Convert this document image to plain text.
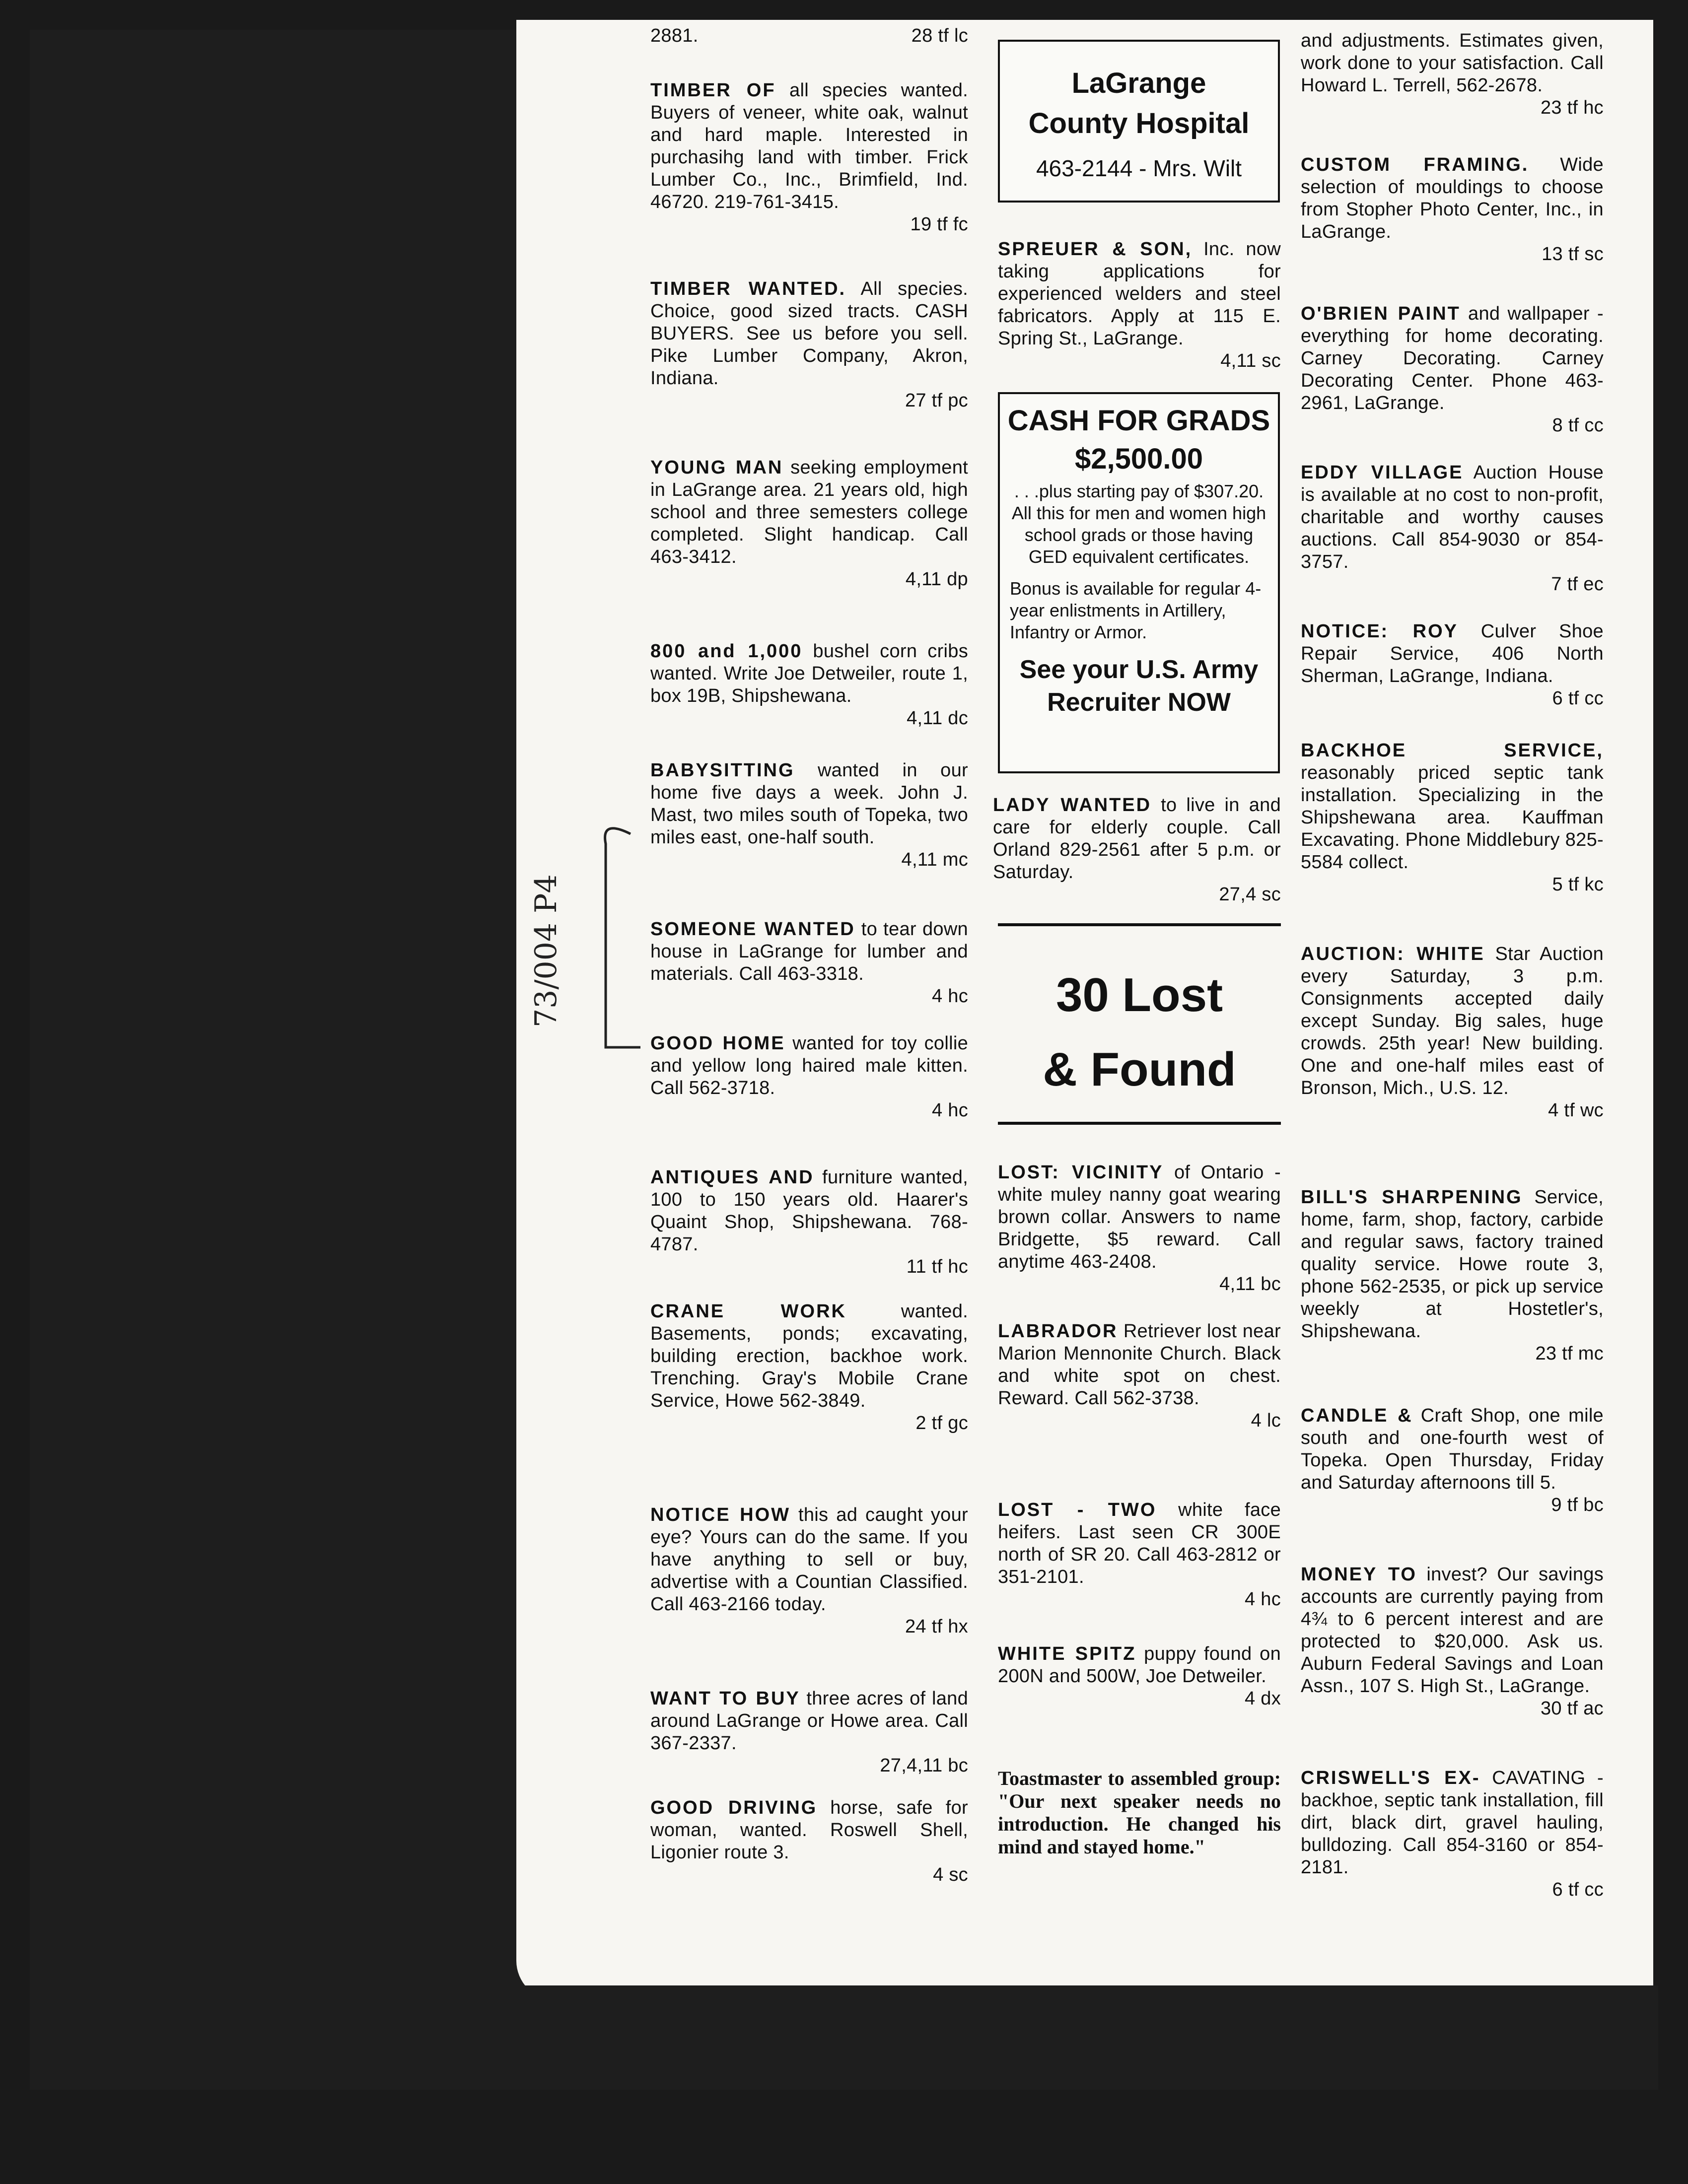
2881.	28 tf lc
TIMBER OF all species wanted. Buyers of veneer, white oak, walnut and hard maple. Interested in purchasihg land with timber. Frick Lumber Co., Inc., Brimfield, Ind. 46720. 219-761-3415.
19 tf fc
TIMBER WANTED. All species. Choice, good sized tracts. CASH BUYERS. See us before you sell. Pike Lumber Company, Akron, Indiana.
27 tf pc
YOUNG MAN seeking employment in LaGrange area. 21 years old, high school and three semesters college completed. Slight handicap. Call 463-3412.
4,11 dp
800 and 1,000 bushel corn cribs wanted. Write Joe Detweiler, route 1, box 19B, Shipshewana.
4,11 dc
BABYSITTING wanted in our home five days a week. John J. Mast, two miles south of Topeka, two miles east, one-half south.
4,11 mc
SOMEONE WANTED to tear down house in LaGrange for lumber and materials. Call 463-3318.
4 hc
GOOD HOME wanted for toy collie and yellow long haired male kitten. Call 562-3718.
4 hc
ANTIQUES AND furniture wanted, 100 to 150 years old. Haarer's Quaint Shop, Shipshewana. 768-4787.
11 tf hc
CRANE WORK	wanted. Basements, ponds; excavating, building erection, backhoe work. Trenching. Gray's Mobile Crane Service, Howe 562-3849.
2 tf gc
NOTICE HOW this ad caught your eye? Yours can do the same. If you have anything to sell or buy, advertise with a Countian Classified. Call 463-2166 today.
24 tf hx
WANT TO BUY three acres of land around LaGrange or Howe area. Call 367-2337.
27,4,11 bc
GOOD DRIVING horse, safe for woman, wanted. Roswell Shell, Ligonier route 3.
4 sc
LaGrange
County Hospital
463-2144 - Mrs. Wilt
SPREUER & SON, Inc. now taking applications for experienced welders and steel fabricators. Apply at 115 E. Spring St., LaGrange.
4,11 sc
CASH FOR GRADS
$2,500.00
. . .plus starting pay of $307.20. All this for men and women high school grads or those having GED equivalent certificates.
Bonus is available for regular 4-year enlistments in Artillery, Infantry or Armor.
See your U.S. Army Recruiter NOW
LADY WANTED to live in and care for elderly couple. Call Orland 829-2561 after 5 p.m. or Saturday.
27,4 sc
30 Lost
& Found
LOST: VICINITY of Ontario - white muley nanny goat wearing brown collar. Answers to name Bridgette, $5 reward. Call anytime 463-2408.
4,11 bc
LABRADOR Retriever lost near Marion Mennonite Church. Black and white spot on chest. Reward. Call 562-3738.
4 lc
LOST - TWO white face heifers. Last seen CR 300E north of SR 20. Call 463-2812 or 351-2101.
4 hc
WHITE SPITZ puppy found on 200N and 500W, Joe Detweiler.
4 dx
Toastmaster to assembled group: "Our next speaker needs no introduction. He changed his mind and stayed home."
and adjustments. Estimates given, work done to your satisfaction. Call Howard L. Terrell, 562-2678.
23 tf hc
CUSTOM FRAMING. Wide selection of mouldings to choose from Stopher Photo Center, Inc., in LaGrange.
13 tf sc
O'BRIEN PAINT and wallpaper - everything for home decorating. Carney Decorating. Carney Decorating Center. Phone 463-2961, LaGrange.
8 tf cc
EDDY VILLAGE Auction House is available at no cost to non-profit, charitable and worthy causes auctions. Call 854-9030 or 854-3757.
7 tf ec
NOTICE: ROY Culver Shoe Repair Service, 406 North Sherman, LaGrange, Indiana.
6 tf cc
BACKHOE SERVICE, reasonably priced septic tank installation. Specializing in the Shipshewana area. Kauffman Excavating. Phone Middlebury 825-5584 collect.
5 tf kc
AUCTION: WHITE Star Auction every Saturday, 3 p.m. Consignments accepted daily except Sunday. Big sales, huge crowds. 25th year! New building. One and one-half miles east of Bronson, Mich., U.S. 12.
4 tf wc
BILL'S SHARPENING Service, home, farm, shop, factory, carbide and regular saws, factory trained quality service. Howe route 3, phone 562-2535, or pick up service weekly at Hostetler's, Shipshewana.
23 tf mc
CANDLE & Craft Shop, one mile south and one-fourth west of Topeka. Open Thursday, Friday and Saturday afternoons till 5.
9 tf bc
MONEY TO invest? Our savings accounts are currently paying from 4¾ to 6 percent interest and are protected to $20,000. Ask us. Auburn Federal Savings and Loan Assn., 107 S. High St., LaGrange.
30 tf ac
CRISWELL'S EX- CAVATING - backhoe, septic tank installation, fill dirt, black dirt, gravel hauling, bulldozing. Call 854-3160 or 854-2181.
6 tf cc
73/004 P4
